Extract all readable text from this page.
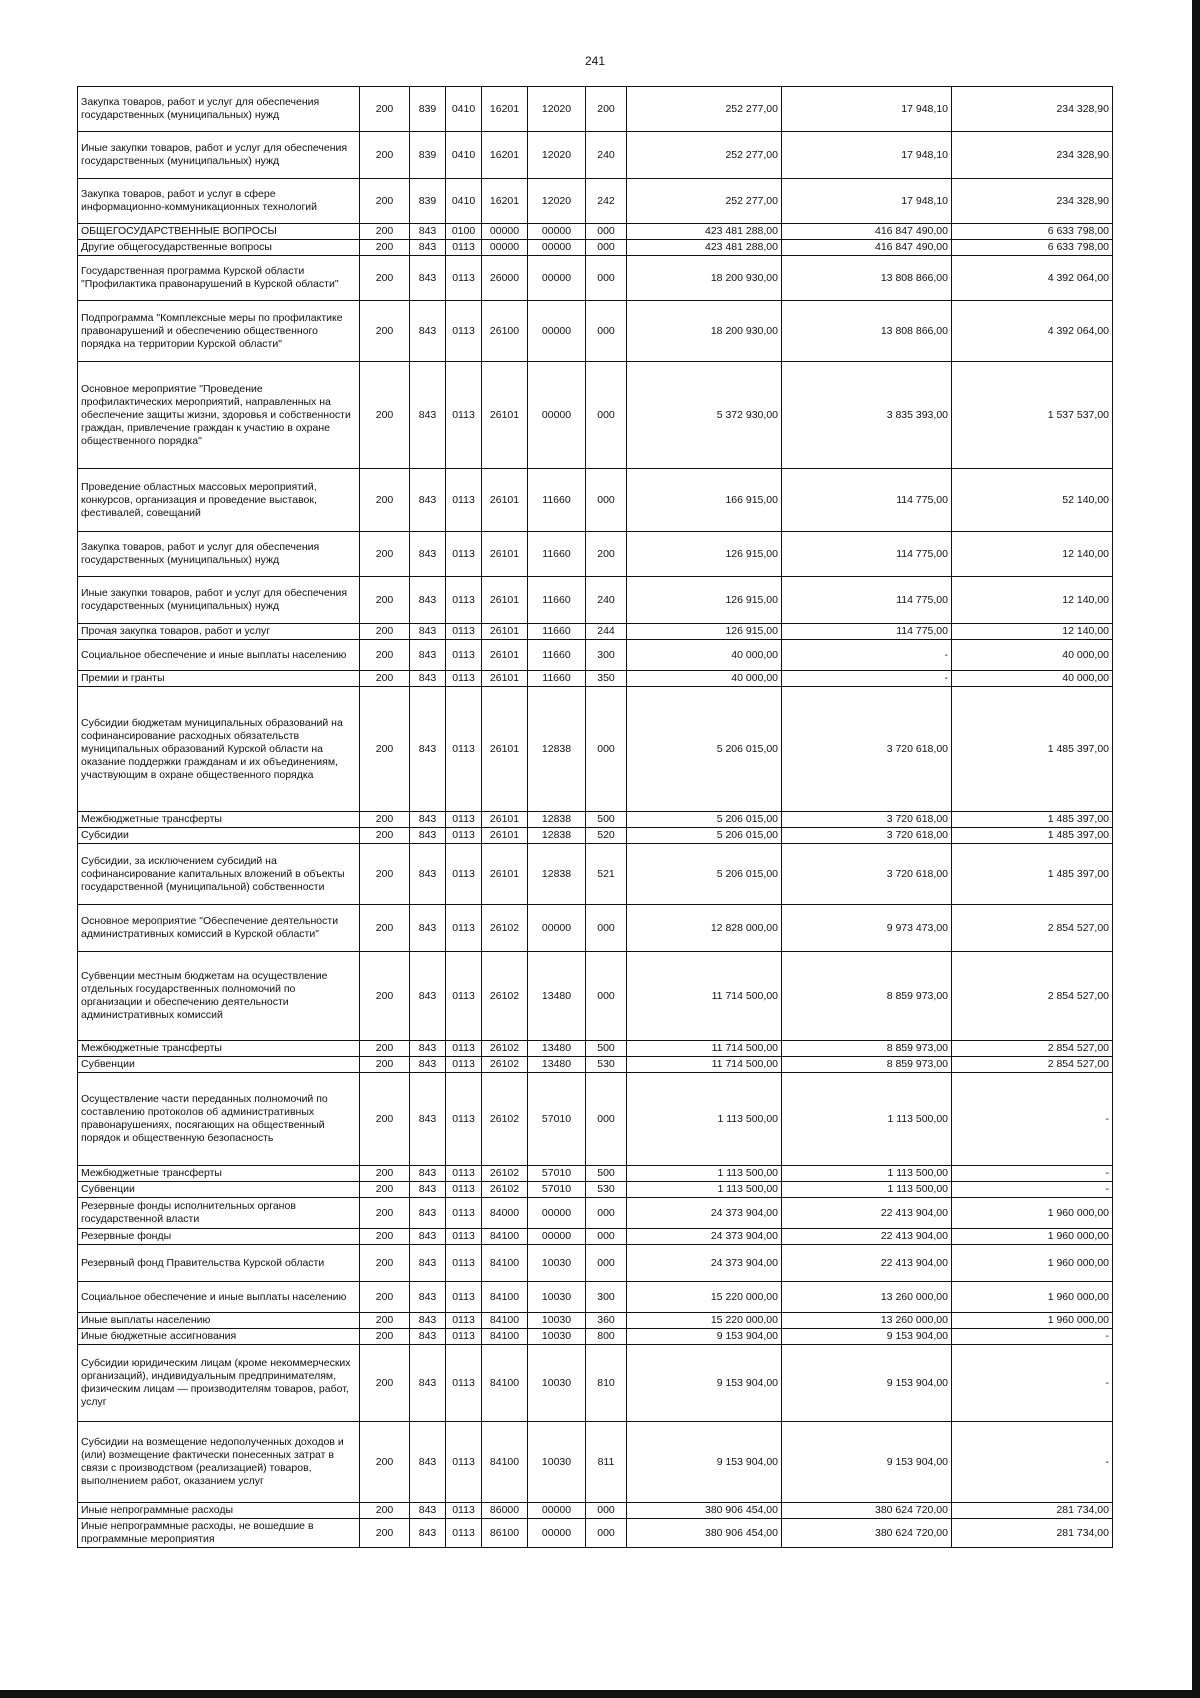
241
Закупка товаров, работ и услуг для обеспечения государственных (муниципальных) нужд	200	839	0410	16201	12020	200	252 277,00	17 948,10	234 328,90
Иные закупки товаров, работ и услуг для обеспечения государственных (муниципальных) нужд	200	839	0410	16201	12020	240	252 277,00	17 948,10	234 328,90
Закупка товаров, работ и услуг в сфере информационно-коммуникационных технологий	200	839	0410	16201	12020	242	252 277,00	17 948,10	234 328,90
ОБЩЕГОСУДАРСТВЕННЫЕ ВОПРОСЫ	200	843	0100	00000	00000	000	423 481 288,00	416 847 490,00	6 633 798,00
Другие общегосударственные вопросы	200	843	0113	00000	00000	000	423 481 288,00	416 847 490,00	6 633 798,00
Государственная программа Курской области "Профилактика правонарушений в Курской области"	200	843	0113	26000	00000	000	18 200 930,00	13 808 866,00	4 392 064,00
Подпрограмма "Комплексные меры по профилактике правонарушений и обеспечению общественного порядка на территории Курской области"	200	843	0113	26100	00000	000	18 200 930,00	13 808 866,00	4 392 064,00
Основное мероприятие "Проведение профилактических мероприятий, направленных на обеспечение защиты жизни, здоровья и собственности граждан, привлечение граждан к участию в охране общественного порядка"	200	843	0113	26101	00000	000	5 372 930,00	3 835 393,00	1 537 537,00
Проведение областных массовых мероприятий, конкурсов, организация и проведение выставок, фестивалей, совещаний	200	843	0113	26101	11660	000	166 915,00	114 775,00	52 140,00
Закупка товаров, работ и услуг для обеспечения государственных (муниципальных) нужд	200	843	0113	26101	11660	200	126 915,00	114 775,00	12 140,00
Иные закупки товаров, работ и услуг для обеспечения государственных (муниципальных) нужд	200	843	0113	26101	11660	240	126 915,00	114 775,00	12 140,00
Прочая закупка товаров, работ и услуг	200	843	0113	26101	11660	244	126 915,00	114 775,00	12 140,00
Социальное обеспечение и иные выплаты населению	200	843	0113	26101	11660	300	40 000,00	-	40 000,00
Премии и гранты	200	843	0113	26101	11660	350	40 000,00	-	40 000,00
Субсидии бюджетам муниципальных образований на софинансирование расходных обязательств муниципальных образований Курской области на оказание поддержки гражданам и их объединениям, участвующим в охране общественного порядка	200	843	0113	26101	12838	000	5 206 015,00	3 720 618,00	1 485 397,00
Межбюджетные трансферты	200	843	0113	26101	12838	500	5 206 015,00	3 720 618,00	1 485 397,00
Субсидии	200	843	0113	26101	12838	520	5 206 015,00	3 720 618,00	1 485 397,00
Субсидии, за исключением субсидий на софинансирование капитальных вложений в объекты государственной (муниципальной) собственности	200	843	0113	26101	12838	521	5 206 015,00	3 720 618,00	1 485 397,00
Основное мероприятие "Обеспечение деятельности административных комиссий в Курской области"	200	843	0113	26102	00000	000	12 828 000,00	9 973 473,00	2 854 527,00
Субвенции местным бюджетам на осуществление отдельных государственных полномочий по организации и обеспечению деятельности административных комиссий	200	843	0113	26102	13480	000	11 714 500,00	8 859 973,00	2 854 527,00
Межбюджетные трансферты	200	843	0113	26102	13480	500	11 714 500,00	8 859 973,00	2 854 527,00
Субвенции	200	843	0113	26102	13480	530	11 714 500,00	8 859 973,00	2 854 527,00
Осуществление части переданных полномочий по составлению протоколов об административных правонарушениях, посягающих на общественный порядок и общественную безопасность	200	843	0113	26102	57010	000	1 113 500,00	1 113 500,00	-
Межбюджетные трансферты	200	843	0113	26102	57010	500	1 113 500,00	1 113 500,00	-
Субвенции	200	843	0113	26102	57010	530	1 113 500,00	1 113 500,00	-
Резервные фонды исполнительных органов государственной власти	200	843	0113	84000	00000	000	24 373 904,00	22 413 904,00	1 960 000,00
Резервные фонды	200	843	0113	84100	00000	000	24 373 904,00	22 413 904,00	1 960 000,00
Резервный фонд Правительства Курской области	200	843	0113	84100	10030	000	24 373 904,00	22 413 904,00	1 960 000,00
Социальное обеспечение и иные выплаты населению	200	843	0113	84100	10030	300	15 220 000,00	13 260 000,00	1 960 000,00
Иные выплаты населению	200	843	0113	84100	10030	360	15 220 000,00	13 260 000,00	1 960 000,00
Иные бюджетные ассигнования	200	843	0113	84100	10030	800	9 153 904,00	9 153 904,00	-
Субсидии юридическим лицам (кроме некоммерческих организаций), индивидуальным предпринимателям, физическим лицам — производителям товаров, работ, услуг	200	843	0113	84100	10030	810	9 153 904,00	9 153 904,00	-
Субсидии на возмещение недополученных доходов и (или) возмещение фактически понесенных затрат в связи с производством (реализацией) товаров, выполнением работ, оказанием услуг	200	843	0113	84100	10030	811	9 153 904,00	9 153 904,00	-
Иные непрограммные расходы	200	843	0113	86000	00000	000	380 906 454,00	380 624 720,00	281 734,00
Иные непрограммные расходы, не вошедшие в программные мероприятия	200	843	0113	86100	00000	000	380 906 454,00	380 624 720,00	281 734,00
